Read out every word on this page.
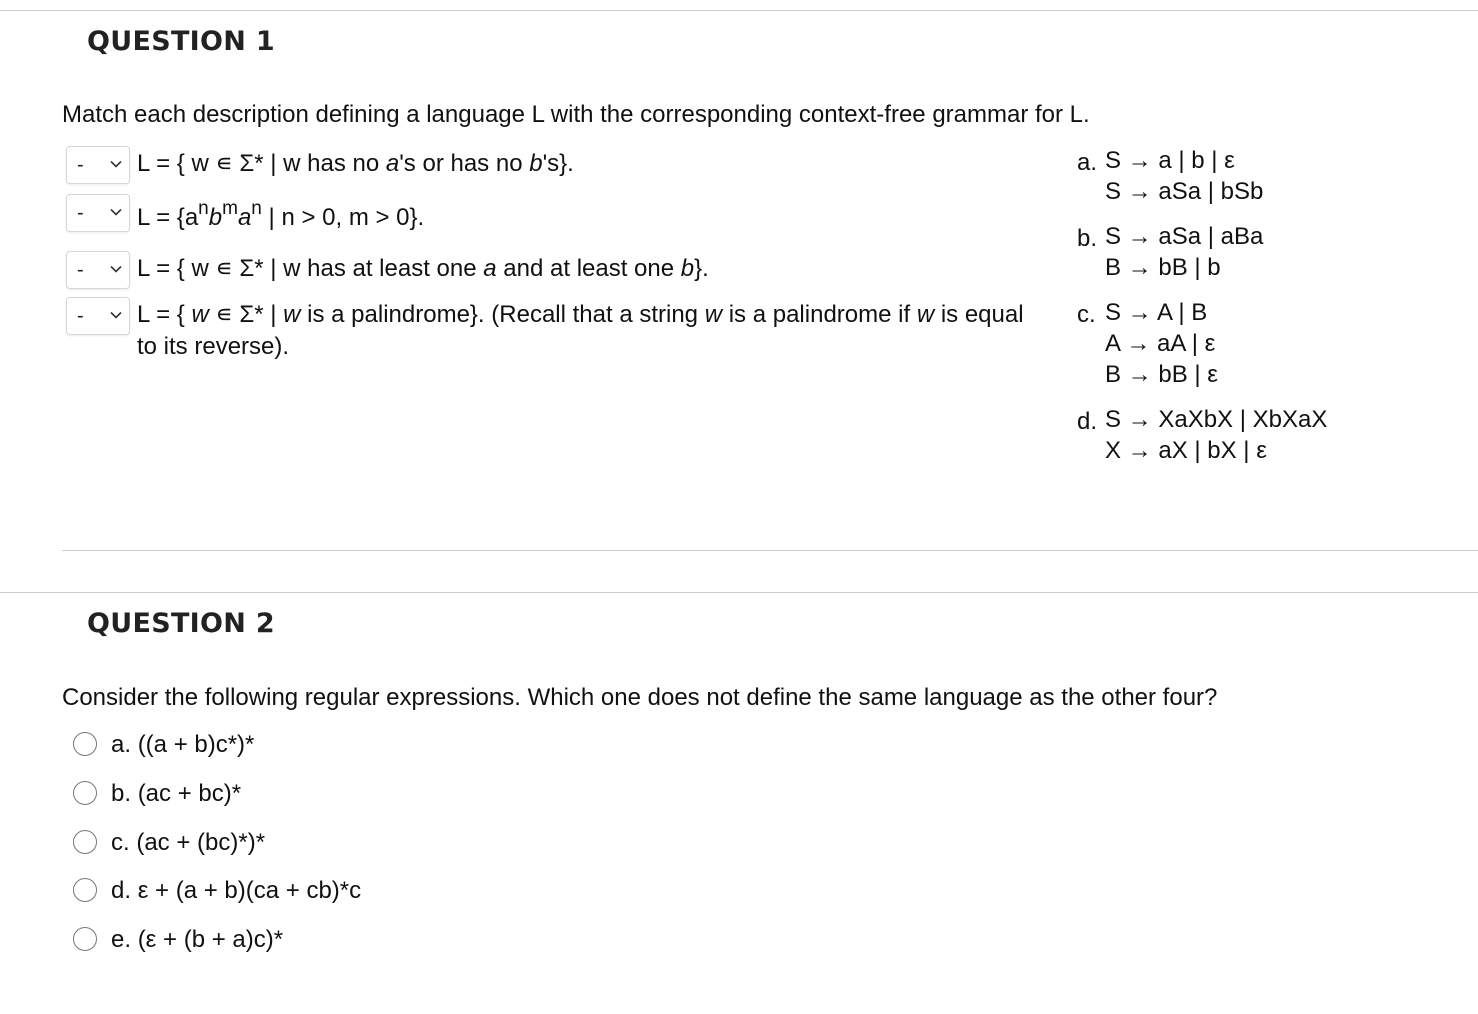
QUESTION 1
Match each description defining a language L with the corresponding context-free grammar for L.
- L = { w ∊ Σ* | w has no a's or has no b's}.
- $L = \{a^nb^ma^n$ | n > 0, m > 0}.
- L = { w ∊ Σ* | w has at least one a and at least one b}.
- L = { w ∊ Σ* | w is a palindrome}. (Recall that a string w is a palindrome if w is equal to its reverse).
a. S → a | b | ε
S → aSa | bSb
b. S → aSa | aBa
B → bB | b
c. S → A | B
A → aA | ε
B → bB | ε
d. S → XaXbX | XbXaX
X → aX | bX | ε
QUESTION 2
Consider the following regular expressions. Which one does not define the same language as the other four?
a. ((a + b)c*)*
b. (ac + bc)*
c. (ac + (bc)*)*
d. ε + (a + b)(ca + cb)*c
e. (ε + (b + a)c)*
